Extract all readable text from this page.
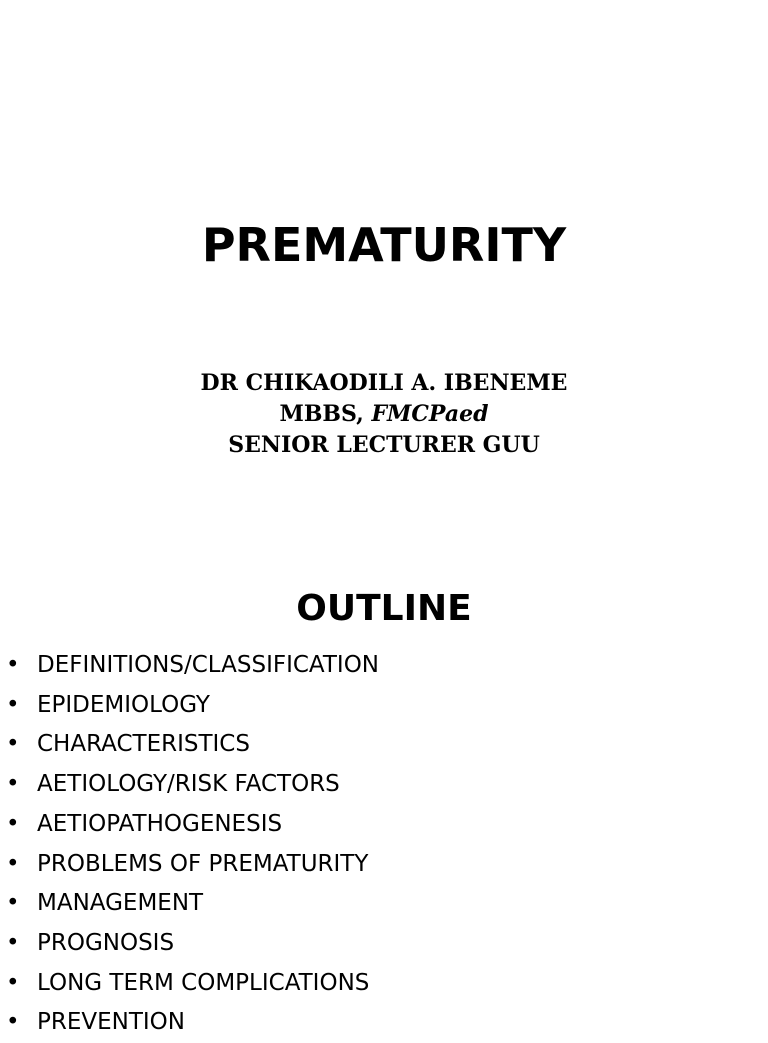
PREMATURITY
DR CHIKAODILI A. IBENEME
MBBS, FMCPaed
SENIOR LECTURER GUU
OUTLINE
• DEFINITIONS/CLASSIFICATION
• EPIDEMIOLOGY
• CHARACTERISTICS
• AETIOLOGY/RISK FACTORS
• AETIOPATHOGENESIS
• PROBLEMS OF PREMATURITY
• MANAGEMENT
• PROGNOSIS
• LONG TERM COMPLICATIONS
• PREVENTION
